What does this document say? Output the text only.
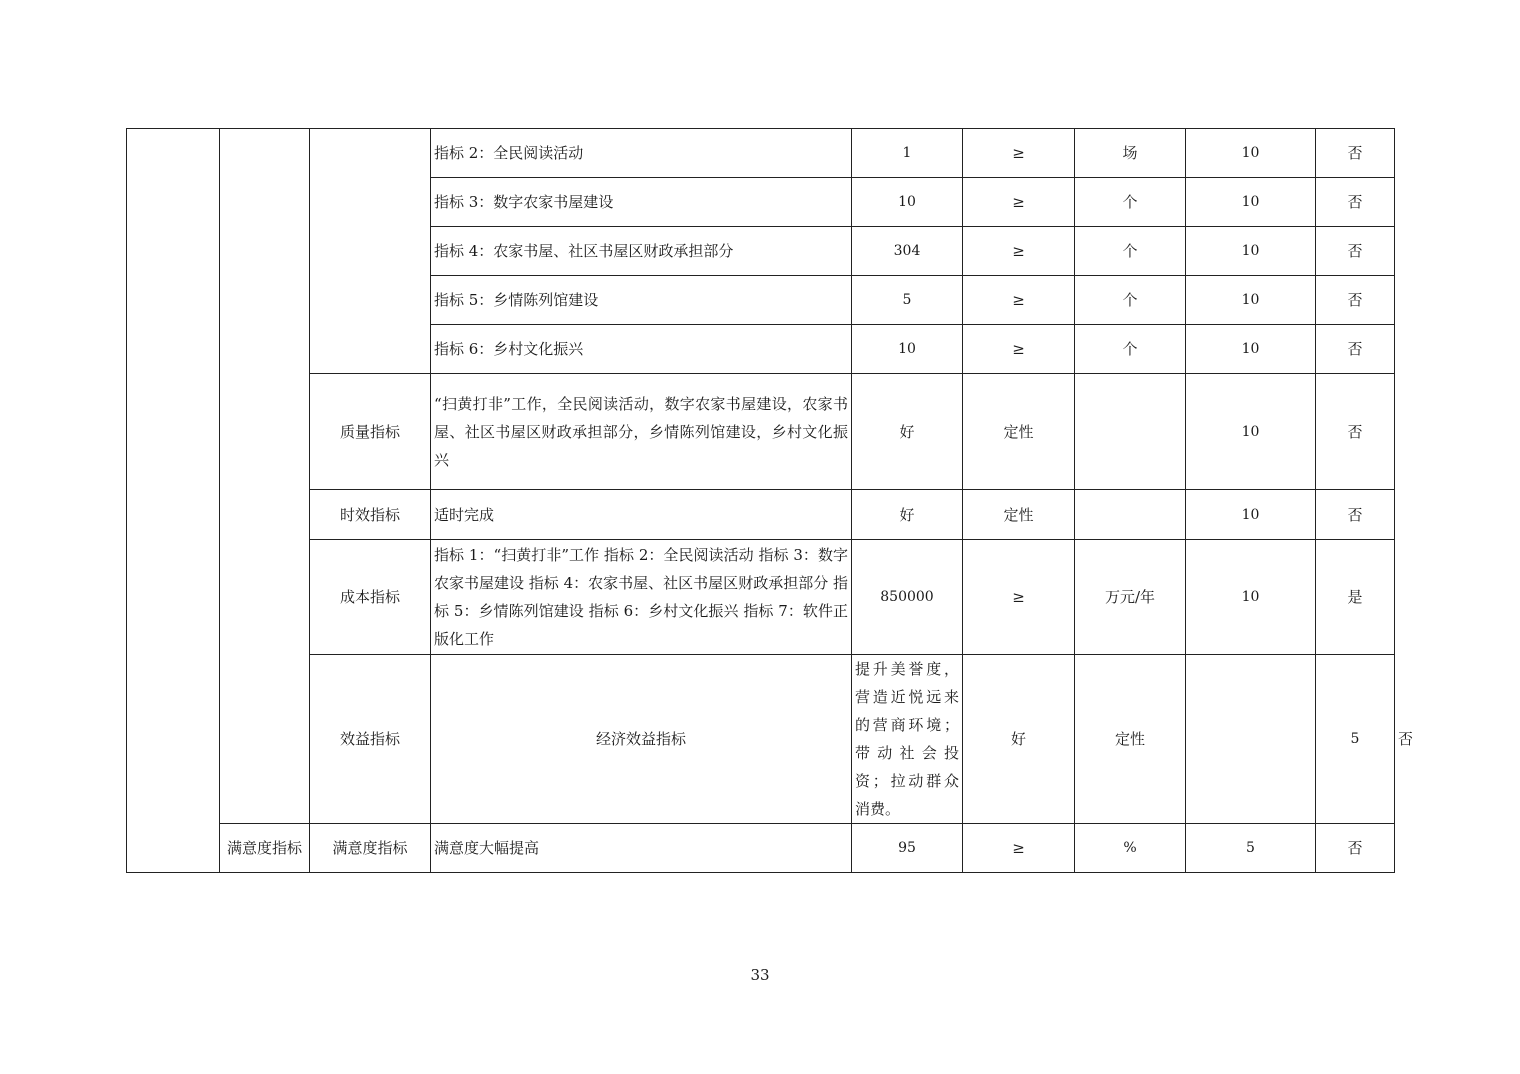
			指标 2：全民阅读活动	1	≥	场	10	否	
			指标 3：数字农家书屋建设	10	≥	个	10	否	
			指标 4：农家书屋、社区书屋区财政承担部分	304	≥	个	10	否	
			指标 5：乡情陈列馆建设	5	≥	个	10	否	
			指标 6：乡村文化振兴	10	≥	个	10	否	
		质量指标	“扫黄打非”工作，全民阅读活动，数字农家书屋建设，农家书屋、社区书屋区财政承担部分，乡情陈列馆建设，乡村文化振兴	好	定性		10	否	
		时效指标	适时完成	好	定性		10	否	
		成本指标	指标 1：“扫黄打非”工作 指标 2：全民阅读活动 指标 3：数字农家书屋建设 指标 4：农家书屋、社区书屋区财政承担部分 指标 5：乡情陈列馆建设 指标 6：乡村文化振兴 指标 7：软件正版化工作	850000	≥	万元/年	10	是	
		效益指标	经济效益指标	提升美誉度，营造近悦远来的营商环境；带动社会投资；拉动群众消费。	好	定性		5	否
	满意度指标	满意度指标	满意度大幅提高	95	≥	%	5	否	
33
